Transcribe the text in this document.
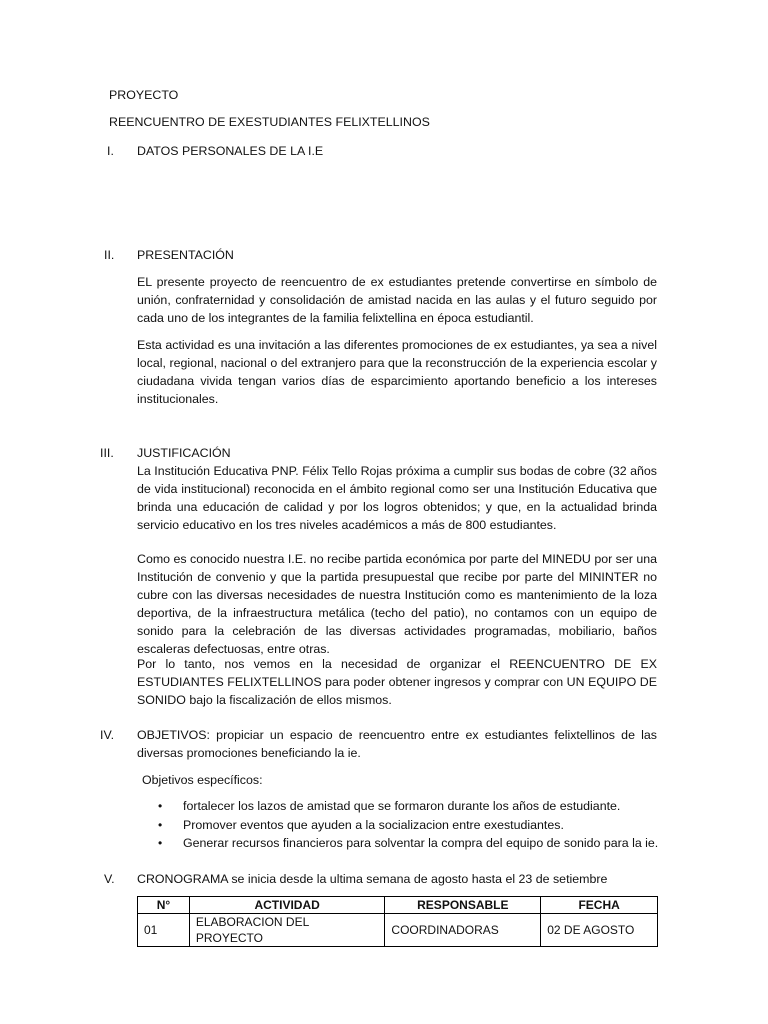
PROYECTO
REENCUENTRO DE EXESTUDIANTES FELIXTELLINOS
I. DATOS PERSONALES DE LA I.E
II. PRESENTACIÓN
EL presente proyecto de reencuentro de ex estudiantes pretende convertirse en símbolo de unión, confraternidad y consolidación de amistad nacida en las aulas y el futuro seguido por cada uno de los integrantes de la familia felixtellina en época estudiantil.
Esta actividad es una invitación a las diferentes promociones de ex estudiantes, ya sea a nivel local, regional, nacional o del extranjero para que la reconstrucción de la experiencia escolar y ciudadana vivida tengan varios días de esparcimiento aportando beneficio a los intereses institucionales.
III. JUSTIFICACIÓN
La Institución Educativa PNP. Félix Tello Rojas próxima a cumplir sus bodas de cobre (32 años de vida institucional) reconocida en el ámbito regional como ser una Institución Educativa que brinda una educación de calidad y por los logros obtenidos; y que, en la actualidad brinda servicio educativo en los tres niveles académicos a más de 800 estudiantes.
Como es conocido nuestra I.E. no recibe partida económica por parte del MINEDU por ser una Institución de convenio y que la partida presupuestal que recibe por parte del MININTER no cubre con las diversas necesidades de nuestra Institución como es mantenimiento de la loza deportiva, de la infraestructura metálica (techo del patio), no contamos con un equipo de sonido para la celebración de las diversas actividades programadas, mobiliario, baños escaleras defectuosas, entre otras.
Por lo tanto, nos vemos en la necesidad de organizar el REENCUENTRO DE EX ESTUDIANTES FELIXTELLINOS para poder obtener ingresos y comprar con UN EQUIPO DE SONIDO bajo la fiscalización de ellos mismos.
IV. OBJETIVOS: propiciar un espacio de reencuentro entre ex estudiantes felixtellinos de las diversas promociones beneficiando la ie.
Objetivos específicos:
• fortalecer los lazos de amistad que se formaron durante los años de estudiante.
• Promover eventos que ayuden a la socializacion entre exestudiantes.
• Generar recursos financieros para solventar la compra del equipo de sonido para la ie.
V. CRONOGRAMA se inicia desde la ultima semana de agosto hasta el 23 de setiembre
N°	ACTIVIDAD	RESPONSABLE	FECHA
01	ELABORACION DEL PROYECTO	COORDINADORAS	02 DE AGOSTO
